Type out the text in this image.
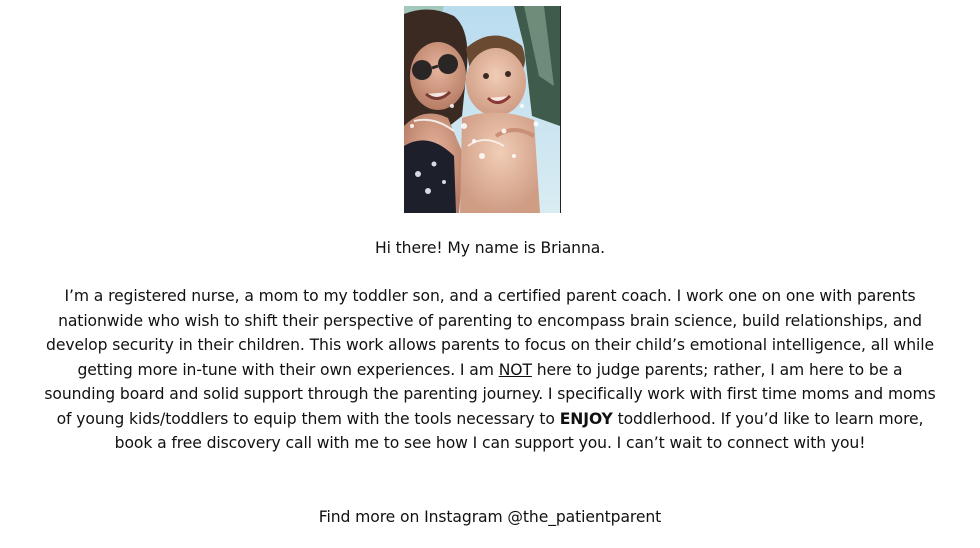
Hi there! My name is Brianna.
I’m a registered nurse, a mom to my toddler son, and a certified parent coach. I work one on one with parents nationwide who wish to shift their perspective of parenting to encompass brain science, build relationships, and develop security in their children. This work allows parents to focus on their child’s emotional intelligence, all while getting more in-tune with their own experiences. I am NOT here to judge parents; rather, I am here to be a sounding board and solid support through the parenting journey. I specifically work with first time moms and moms of young kids/toddlers to equip them with the tools necessary to ENJOY toddlerhood. If you’d like to learn more, book a free discovery call with me to see how I can support you. I can’t wait to connect with you!
Find more on Instagram @the_patientparent
